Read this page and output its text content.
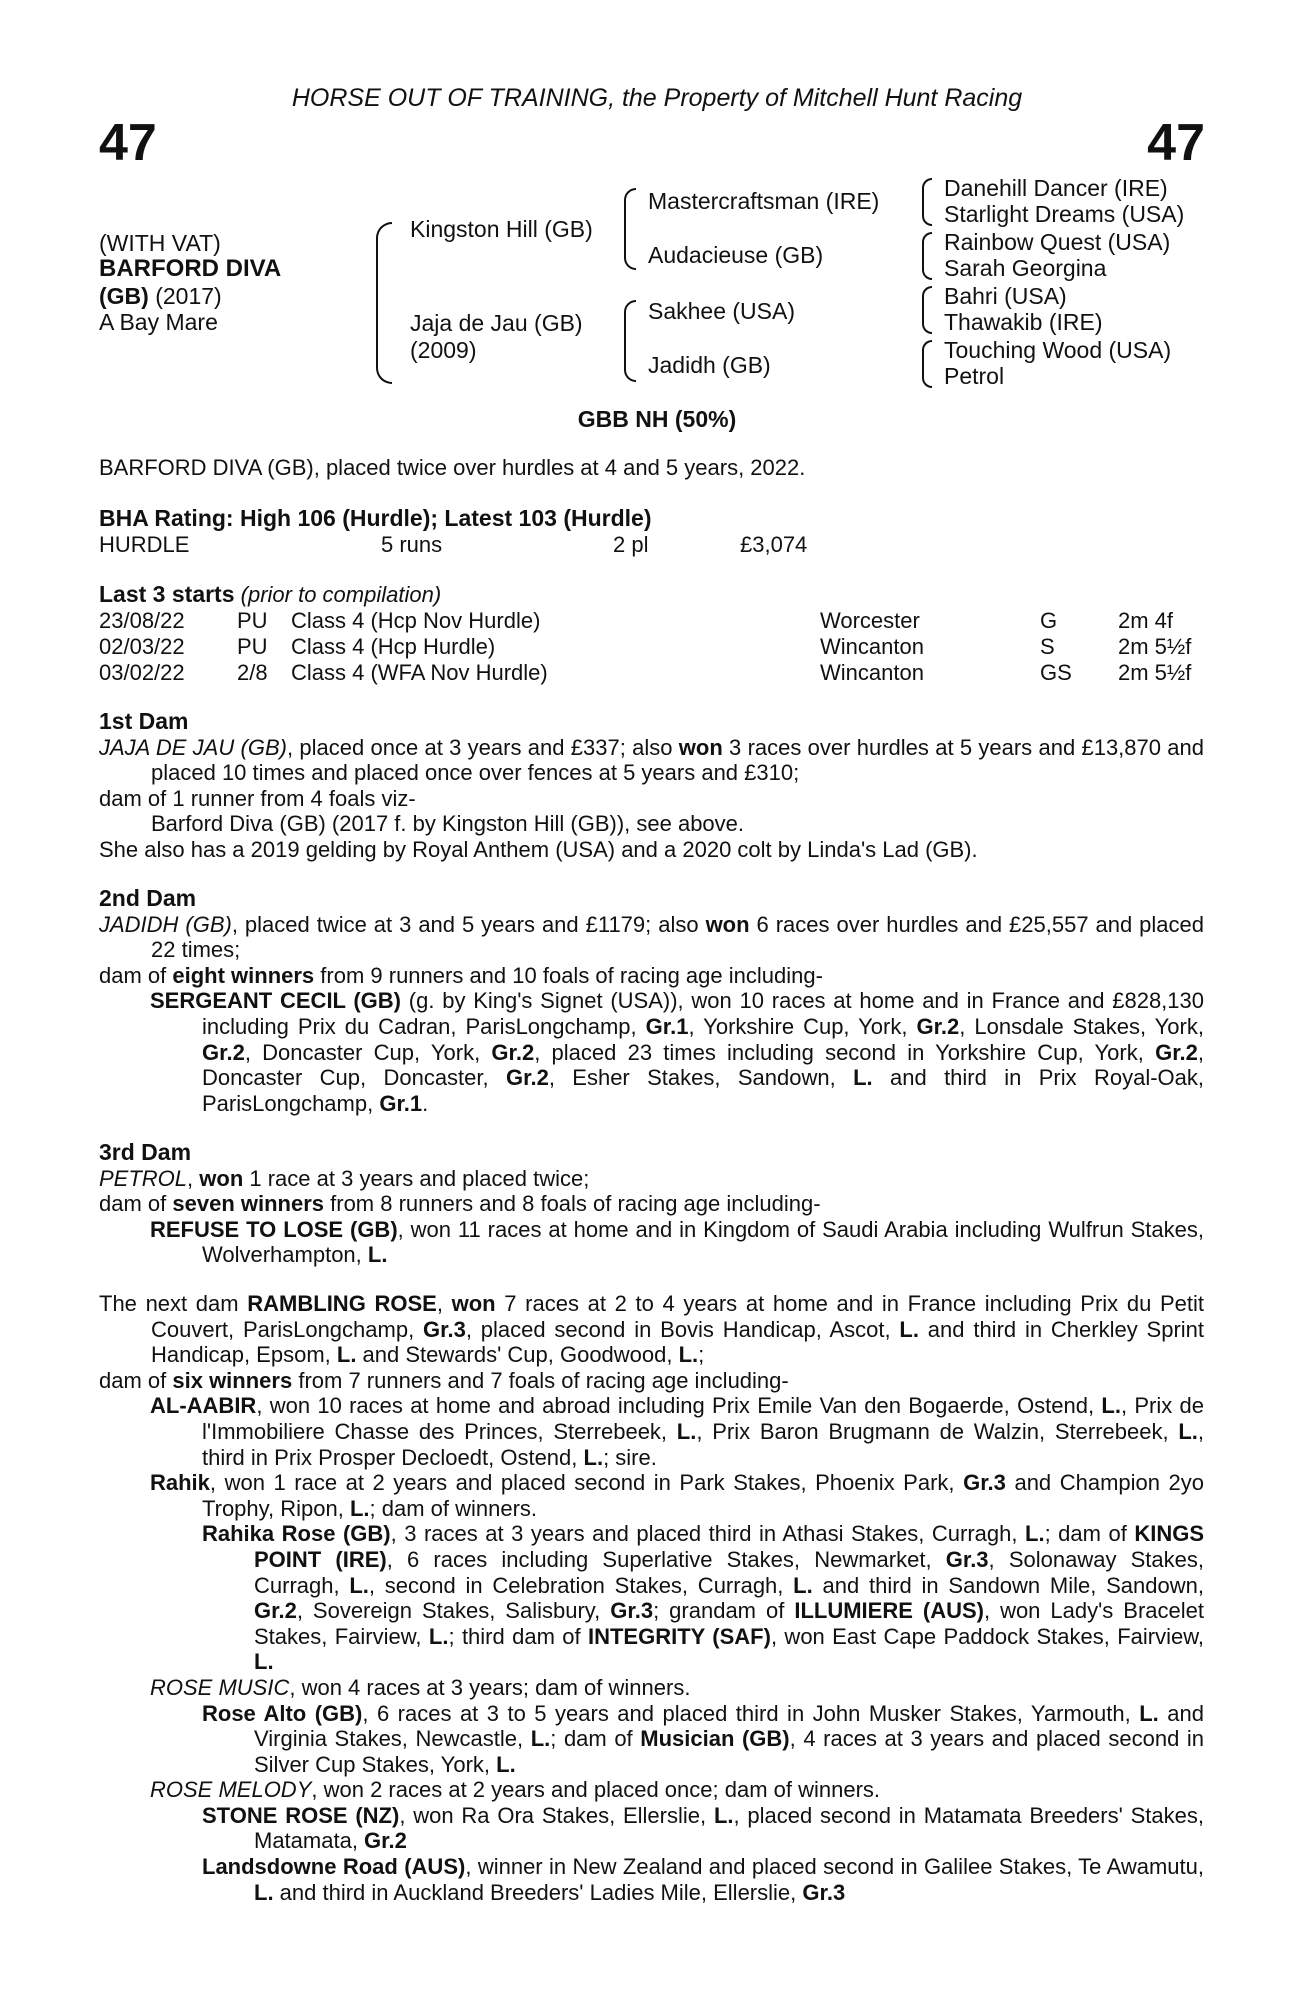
HORSE OUT OF TRAINING, the Property of Mitchell Hunt Racing
47	47
(WITH VAT)
BARFORD DIVA
(GB) (2017)
A Bay Mare
Kingston Hill (GB)
Jaja de Jau (GB)
(2009)
Mastercraftsman (IRE)
Audacieuse (GB)
Sakhee (USA)
Jadidh (GB)
Danehill Dancer (IRE)
Starlight Dreams (USA)
Rainbow Quest (USA)
Sarah Georgina
Bahri (USA)
Thawakib (IRE)
Touching Wood (USA)
Petrol
GBB NH (50%)
BARFORD DIVA (GB), placed twice over hurdles at 4 and 5 years, 2022.
BHA Rating: High 106 (Hurdle); Latest 103 (Hurdle)
HURDLE	5 runs	2 pl	£3,074
Last 3 starts (prior to compilation)
23/08/22 PU Class 4 (Hcp Nov Hurdle)	Worcester	G	2m 4f
02/03/22 PU Class 4 (Hcp Hurdle)	Wincanton	S	2m 5½f
03/02/22 2/8 Class 4 (WFA Nov Hurdle)	Wincanton	GS 2m 5½f

1st Dam

JAJA DE JAU (GB), placed once at 3 years and £337; also won 3 races over hurdles at 5 years and £13,870 and placed 10 times and placed once over fences at 5 years and £310;

dam of 1 runner from 4 foals viz-

Barford Diva (GB) (2017 f. by Kingston Hill (GB)), see above.

She also has a 2019 gelding by Royal Anthem (USA) and a 2020 colt by Linda's Lad (GB).

2nd Dam

JADIDH (GB), placed twice at 3 and 5 years and £1179; also won 6 races over hurdles and £25,557 and placed 22 times;

dam of eight winners from 9 runners and 10 foals of racing age including-

SERGEANT CECIL (GB) (g. by King's Signet (USA)), won 10 races at home and in France and £828,130 including Prix du Cadran, ParisLongchamp, Gr.1, Yorkshire Cup, York, Gr.2, Lonsdale Stakes, York, Gr.2, Doncaster Cup, York, Gr.2, placed 23 times including second in Yorkshire Cup, York, Gr.2, Doncaster Cup, Doncaster, Gr.2, Esher Stakes, Sandown, L. and third in Prix Royal-Oak, ParisLongchamp, Gr.1.

3rd Dam

PETROL, won 1 race at 3 years and placed twice;

dam of seven winners from 8 runners and 8 foals of racing age including-

REFUSE TO LOSE (GB), won 11 races at home and in Kingdom of Saudi Arabia including Wulfrun Stakes, Wolverhampton, L.

The next dam RAMBLING ROSE, won 7 races at 2 to 4 years at home and in France including Prix du Petit Couvert, ParisLongchamp, Gr.3, placed second in Bovis Handicap, Ascot, L. and third in Cherkley Sprint Handicap, Epsom, L. and Stewards' Cup, Goodwood, L.;

dam of six winners from 7 runners and 7 foals of racing age including-

AL-AABIR, won 10 races at home and abroad including Prix Emile Van den Bogaerde, Ostend, L., Prix de l'Immobiliere Chasse des Princes, Sterrebeek, L., Prix Baron Brugmann de Walzin, Sterrebeek, L., third in Prix Prosper Decloedt, Ostend, L.; sire.

Rahik, won 1 race at 2 years and placed second in Park Stakes, Phoenix Park, Gr.3 and Champion 2yo Trophy, Ripon, L.; dam of winners.

Rahika Rose (GB), 3 races at 3 years and placed third in Athasi Stakes, Curragh, L.; dam of KINGS POINT (IRE), 6 races including Superlative Stakes, Newmarket, Gr.3, Solonaway Stakes, Curragh, L., second in Celebration Stakes, Curragh, L. and third in Sandown Mile, Sandown, Gr.2, Sovereign Stakes, Salisbury, Gr.3; grandam of ILLUMIERE (AUS), won Lady's Bracelet Stakes, Fairview, L.; third dam of INTEGRITY (SAF), won East Cape Paddock Stakes, Fairview, L.

ROSE MUSIC, won 4 races at 3 years; dam of winners.

Rose Alto (GB), 6 races at 3 to 5 years and placed third in John Musker Stakes, Yarmouth, L. and Virginia Stakes, Newcastle, L.; dam of Musician (GB), 4 races at 3 years and placed second in Silver Cup Stakes, York, L.

ROSE MELODY, won 2 races at 2 years and placed once; dam of winners.

STONE ROSE (NZ), won Ra Ora Stakes, Ellerslie, L., placed second in Matamata Breeders' Stakes, Matamata, Gr.2

Landsdowne Road (AUS), winner in New Zealand and placed second in Galilee Stakes, Te Awamutu, L. and third in Auckland Breeders' Ladies Mile, Ellerslie, Gr.3
